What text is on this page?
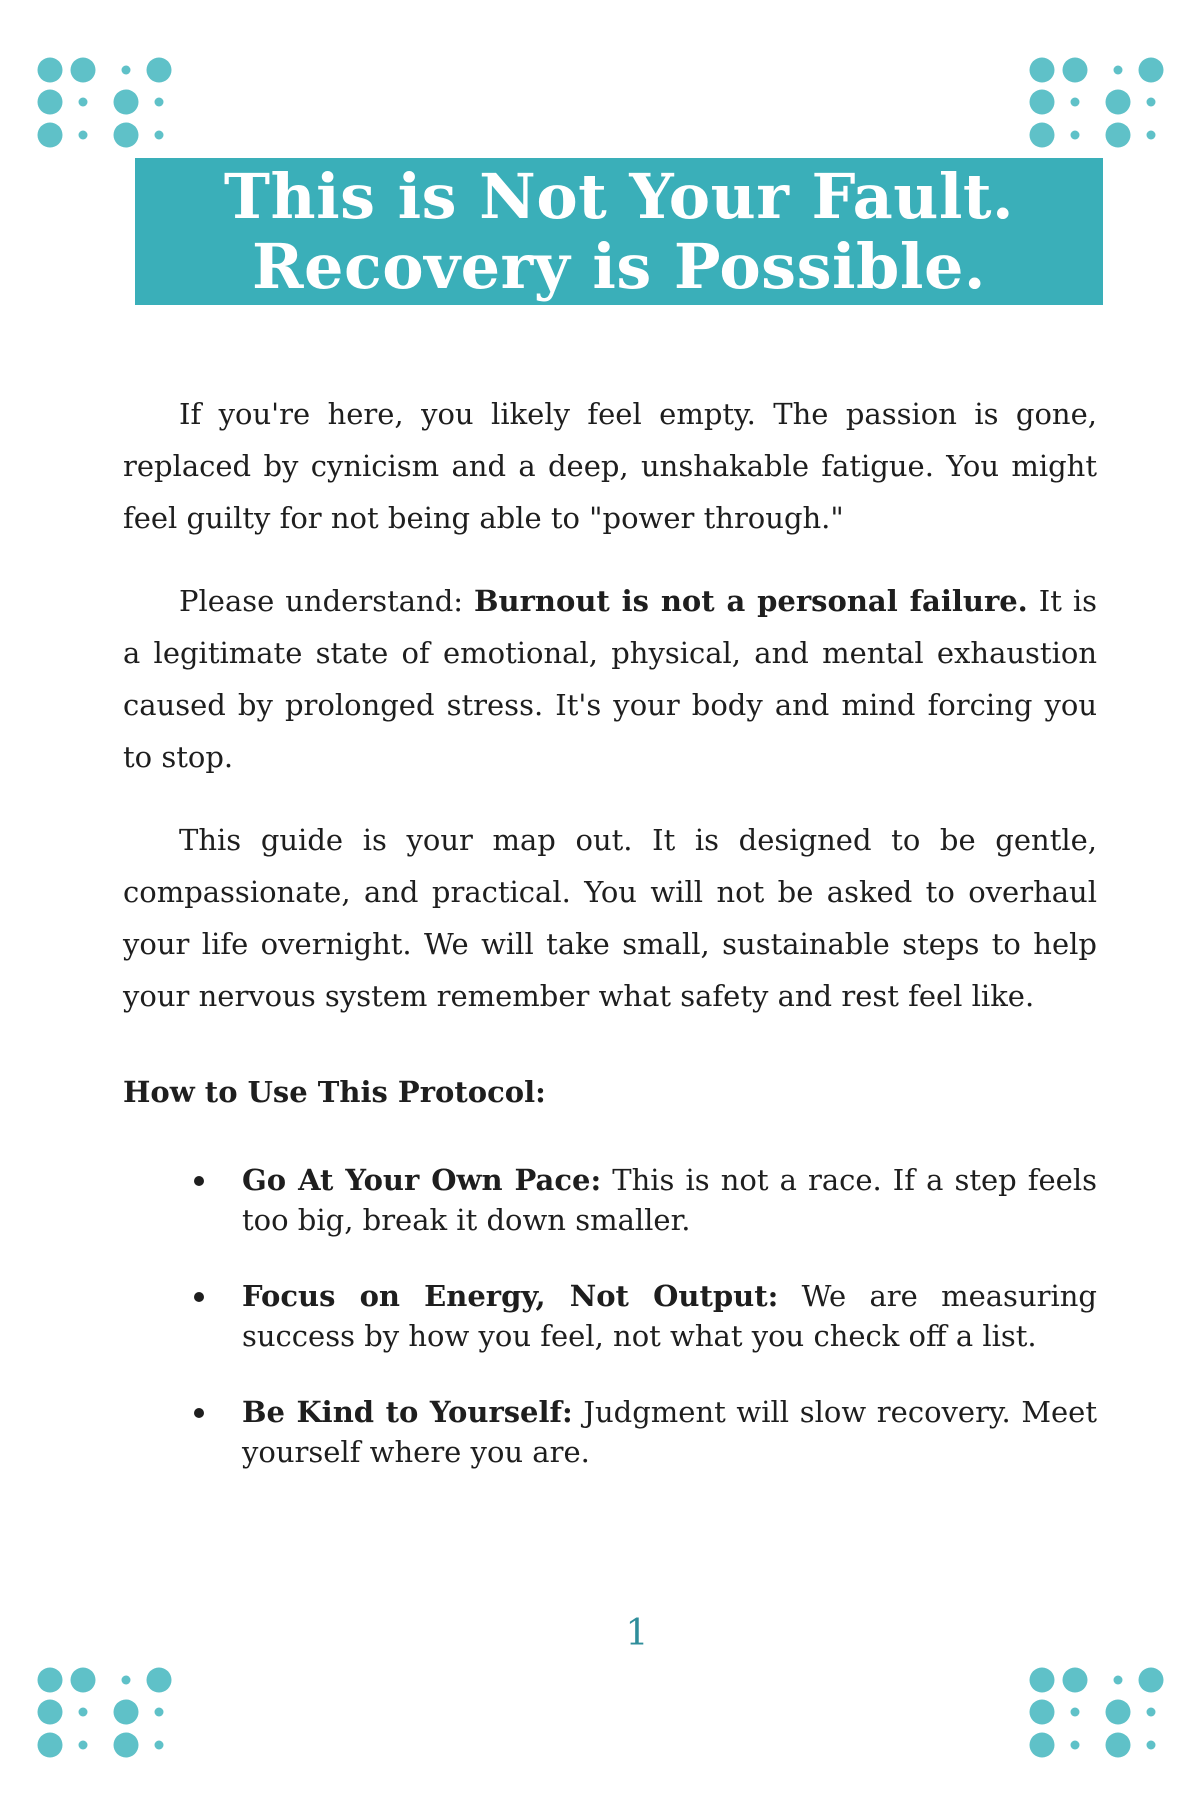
This is Not Your Fault.
Recovery is Possible.

If you're here, you likely feel empty. The passion is gone, replaced by cynicism and a deep, unshakable fatigue. You might feel guilty for not being able to "power through."

Please understand: Burnout is not a personal failure. It is a legitimate state of emotional, physical, and mental exhaustion caused by prolonged stress. It's your body and mind forcing you to stop.

This guide is your map out. It is designed to be gentle, compassionate, and practical. You will not be asked to overhaul your life overnight. We will take small, sustainable steps to help your nervous system remember what safety and rest feel like.

How to Use This Protocol:
Go At Your Own Pace: This is not a race. If a step feels too big, break it down smaller.
Focus on Energy, Not Output: We are measuring success by how you feel, not what you check off a list.
Be Kind to Yourself: Judgment will slow recovery. Meet yourself where you are.
1
